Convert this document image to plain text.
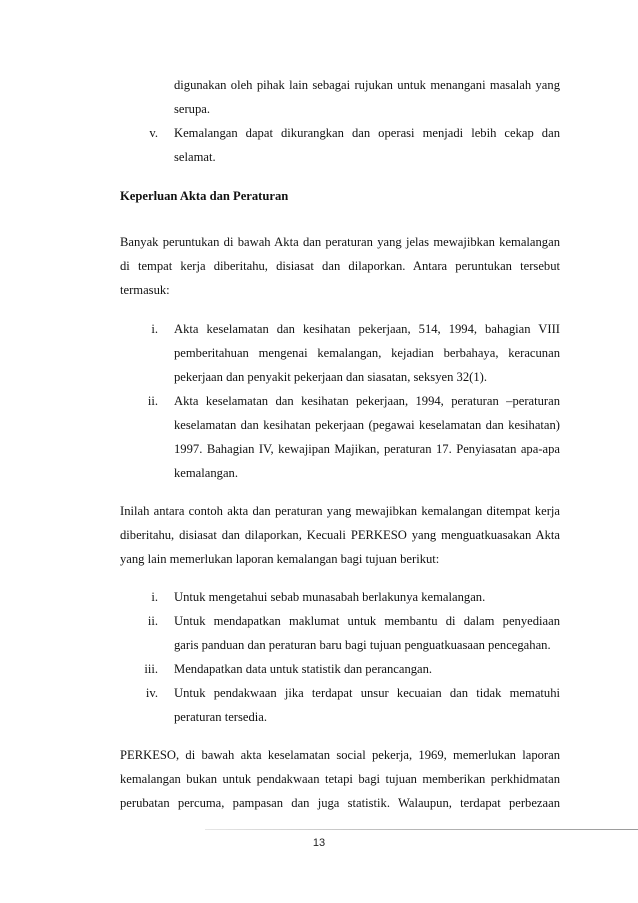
digunakan oleh pihak lain sebagai rujukan untuk menangani masalah yang
serupa.
v. Kemalangan dapat dikurangkan dan operasi menjadi lebih cekap dan
selamat.
Keperluan Akta dan Peraturan
Banyak peruntukan di bawah Akta dan peraturan yang jelas mewajibkan kemalangan
di tempat kerja diberitahu, disiasat dan dilaporkan. Antara peruntukan tersebut
termasuk:
i. Akta keselamatan dan kesihatan pekerjaan, 514, 1994, bahagian VIII
pemberitahuan mengenai kemalangan, kejadian berbahaya, keracunan
pekerjaan dan penyakit pekerjaan dan siasatan, seksyen 32(1).
ii. Akta keselamatan dan kesihatan pekerjaan, 1994, peraturan –peraturan
keselamatan dan kesihatan pekerjaan (pegawai keselamatan dan kesihatan)
1997. Bahagian IV, kewajipan Majikan, peraturan 17. Penyiasatan apa-apa
kemalangan.
Inilah antara contoh akta dan peraturan yang mewajibkan kemalangan ditempat kerja
diberitahu, disiasat dan dilaporkan, Kecuali PERKESO yang menguatkuasakan Akta
yang lain memerlukan laporan kemalangan bagi tujuan berikut:
i. Untuk mengetahui sebab munasabah berlakunya kemalangan.
ii. Untuk mendapatkan maklumat untuk membantu di dalam penyediaan
garis panduan dan peraturan baru bagi tujuan penguatkuasaan pencegahan.
iii. Mendapatkan data untuk statistik dan perancangan.
iv. Untuk pendakwaan jika terdapat unsur kecuaian dan tidak mematuhi
peraturan tersedia.
PERKESO, di bawah akta keselamatan social pekerja, 1969, memerlukan laporan
kemalangan bukan untuk pendakwaan tetapi bagi tujuan memberikan perkhidmatan
perubatan percuma, pampasan dan juga statistik. Walaupun, terdapat perbezaan
13
